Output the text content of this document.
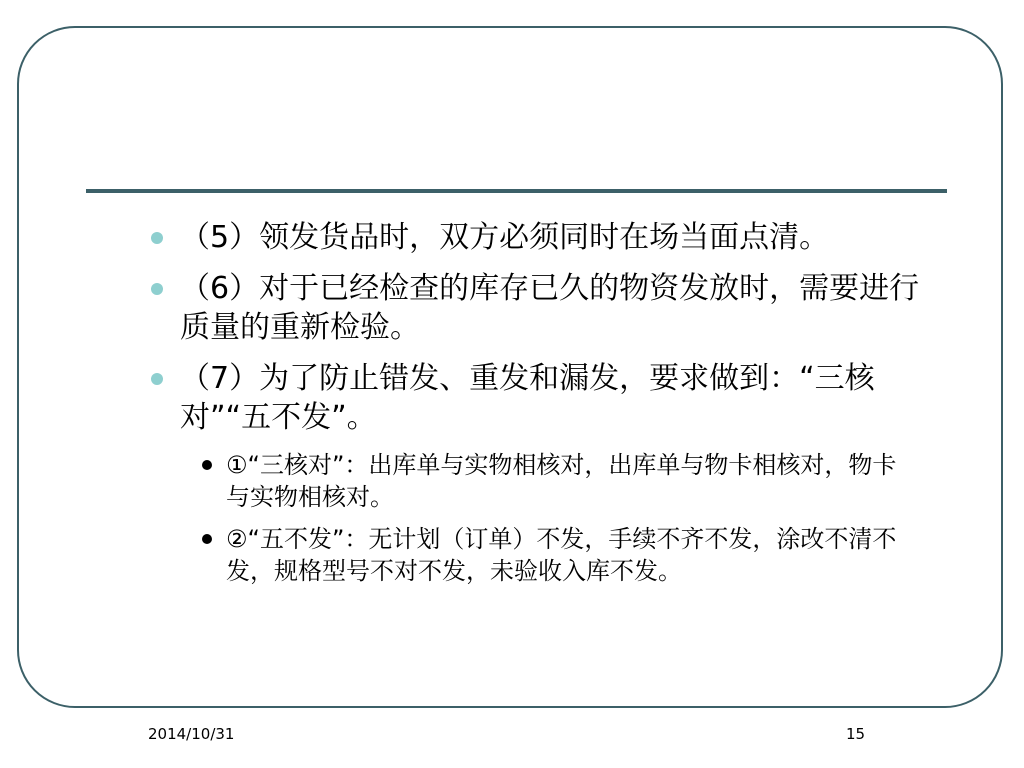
（5）领发货品时，双方必须同时在场当面点清。
（6）对于已经检查的库存已久的物资发放时，需要进行质量的重新检验。
（7）为了防止错发、重发和漏发，要求做到：“三核对”“五不发”。
①“三核对”：出库单与实物相核对，出库单与物卡相核对，物卡与实物相核对。
②“五不发”：无计划（订单）不发，手续不齐不发，涂改不清不发，规格型号不对不发，未验收入库不发。
2014/10/31	15
